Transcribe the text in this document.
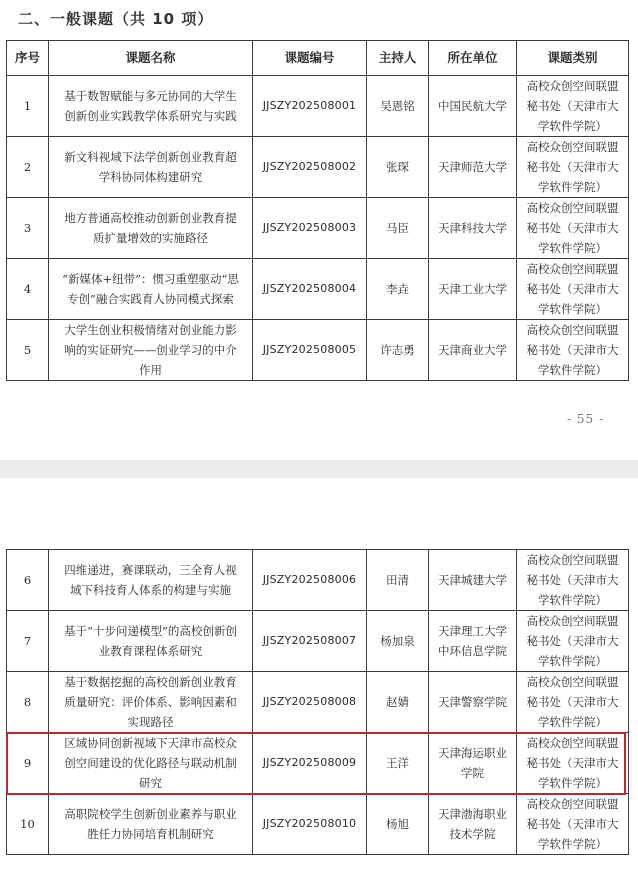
二、一般课题（共 10 项）
序号	课题名称	课题编号	主持人	所在单位	课题类别
1	基于数智赋能与多元协同的大学生创新创业实践教学体系研究与实践	JJSZY202508001	吴恩铭	中国民航大学	高校众创空间联盟秘书处（天津市大学软件学院）
2	新文科视域下法学创新创业教育超学科协同体构建研究	JJSZY202508002	张琛	天津师范大学	高校众创空间联盟秘书处（天津市大学软件学院）
3	地方普通高校推动创新创业教育提质扩量增效的实施路径	JJSZY202508003	马臣	天津科技大学	高校众创空间联盟秘书处（天津市大学软件学院）
4	“新媒体+纽带”：惯习重塑驱动“思专创”融合实践育人协同模式探索	JJSZY202508004	李垚	天津工业大学	高校众创空间联盟秘书处（天津市大学软件学院）
5	大学生创业积极情绪对创业能力影响的实证研究——创业学习的中介作用	JJSZY202508005	许志勇	天津商业大学	高校众创空间联盟秘书处（天津市大学软件学院）
- 55 -
6	四维递进，赛课联动，三全育人视域下科技育人体系的构建与实施	JJSZY202508006	田清	天津城建大学	高校众创空间联盟秘书处（天津市大学软件学院）
7	基于“十步问递模型”的高校创新创业教育课程体系研究	JJSZY202508007	杨加泉	天津理工大学中环信息学院	高校众创空间联盟秘书处（天津市大学软件学院）
8	基于数据挖掘的高校创新创业教育质量研究：评价体系、影响因素和实现路径	JJSZY202508008	赵婧	天津警察学院	高校众创空间联盟秘书处（天津市大学软件学院）
9	区域协同创新视域下天津市高校众创空间建设的优化路径与联动机制研究	JJSZY202508009	王洋	天津海运职业学院	高校众创空间联盟秘书处（天津市大学软件学院）
10	高职院校学生创新创业素养与职业胜任力协同培育机制研究	JJSZY202508010	杨旭	天津渤海职业技术学院	高校众创空间联盟秘书处（天津市大学软件学院）
